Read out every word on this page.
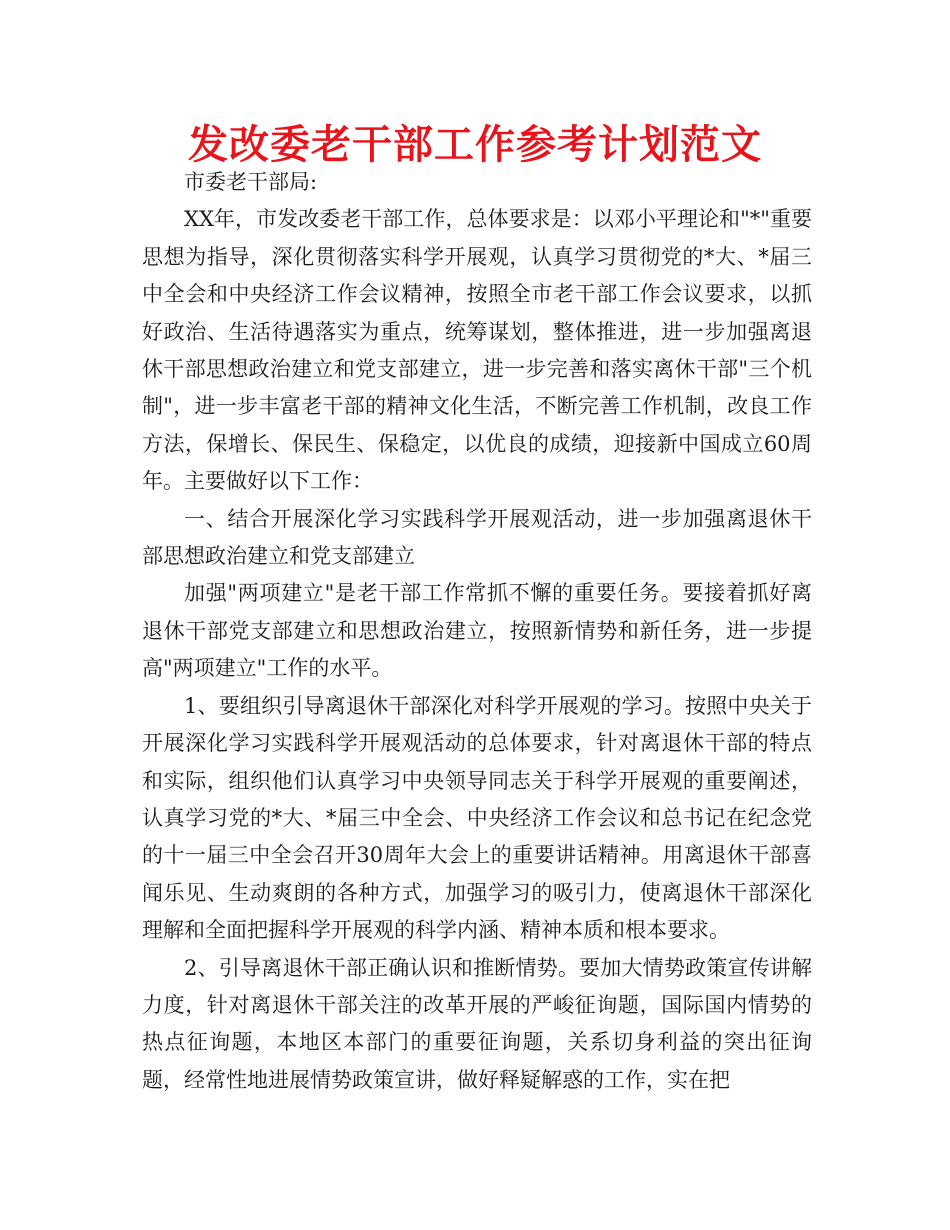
发改委老干部工作参考计划范文

市委老干部局:

XX年，市发改委老干部工作，总体要求是：以邓小平理论和"*"重要思想为指导，深化贯彻落实科学开展观，认真学习贯彻党的*大、*届三中全会和中央经济工作会议精神，按照全市老干部工作会议要求，以抓好政治、生活待遇落实为重点，统筹谋划，整体推进，进一步加强离退休干部思想政治建立和党支部建立，进一步完善和落实离休干部"三个机制"，进一步丰富老干部的精神文化生活，不断完善工作机制，改良工作方法，保增长、保民生、保稳定，以优良的成绩，迎接新中国成立60周年。主要做好以下工作：

一、结合开展深化学习实践科学开展观活动，进一步加强离退休干部思想政治建立和党支部建立

加强"两项建立"是老干部工作常抓不懈的重要任务。要接着抓好离退休干部党支部建立和思想政治建立，按照新情势和新任务，进一步提高"两项建立"工作的水平。

1、要组织引导离退休干部深化对科学开展观的学习。按照中央关于开展深化学习实践科学开展观活动的总体要求，针对离退休干部的特点和实际，组织他们认真学习中央领导同志关于科学开展观的重要阐述，认真学习党的*大、*届三中全会、中央经济工作会议和总书记在纪念党的十一届三中全会召开30周年大会上的重要讲话精神。用离退休干部喜闻乐见、生动爽朗的各种方式，加强学习的吸引力，使离退休干部深化理解和全面把握科学开展观的科学内涵、精神本质和根本要求。

2、引导离退休干部正确认识和推断情势。要加大情势政策宣传讲解力度，针对离退休干部关注的改革开展的严峻征询题，国际国内情势的热点征询题，本地区本部门的重要征询题，关系切身利益的突出征询题，经常性地进展情势政策宣讲，做好释疑解惑的工作，实在把
